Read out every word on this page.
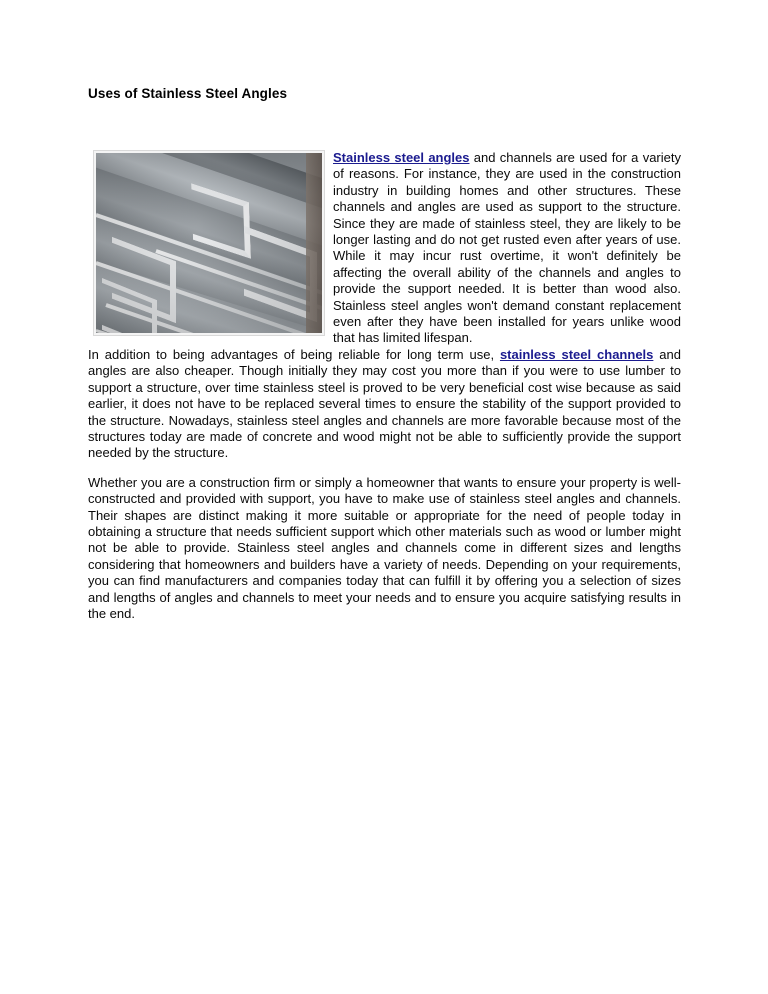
Uses of Stainless Steel Angles

Stainless steel angles and channels are used for a variety of reasons. For instance, they are used in the construction industry in building homes and other structures. These channels and angles are used as support to the structure. Since they are made of stainless steel, they are likely to be longer lasting and do not get rusted even after years of use. While it may incur rust overtime, it won't definitely be affecting the overall ability of the channels and angles to provide the support needed. It is better than wood also. Stainless steel angles won't demand constant replacement even after they have been installed for years unlike wood that has limited lifespan.

In addition to being advantages of being reliable for long term use, stainless steel channels and angles are also cheaper. Though initially they may cost you more than if you were to use lumber to support a structure, over time stainless steel is proved to be very beneficial cost wise because as said earlier, it does not have to be replaced several times to ensure the stability of the support provided to the structure. Nowadays, stainless steel angles and channels are more favorable because most of the structures today are made of concrete and wood might not be able to sufficiently provide the support needed by the structure.

Whether you are a construction firm or simply a homeowner that wants to ensure your property is well-constructed and provided with support, you have to make use of stainless steel angles and channels. Their shapes are distinct making it more suitable or appropriate for the need of people today in obtaining a structure that needs sufficient support which other materials such as wood or lumber might not be able to provide. Stainless steel angles and channels come in different sizes and lengths considering that homeowners and builders have a variety of needs. Depending on your requirements, you can find manufacturers and companies today that can fulfill it by offering you a selection of sizes and lengths of angles and channels to meet your needs and to ensure you acquire satisfying results in the end.
